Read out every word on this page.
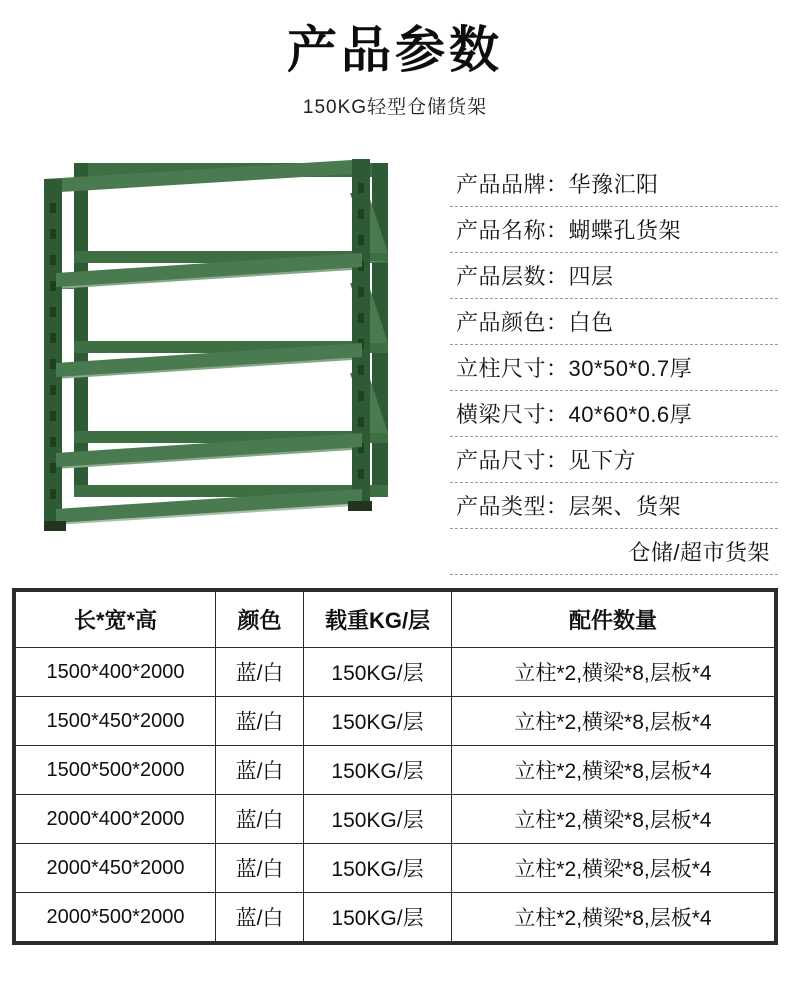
产品参数
150KG轻型仓储货架
产品品牌：华豫汇阳
产品名称：蝴蝶孔货架
产品层数：四层
产品颜色：白色
立柱尺寸：30*50*0.7厚
横梁尺寸：40*60*0.6厚
产品尺寸：见下方
产品类型：层架、货架
仓储/超市货架
长*宽*高	颜色	载重KG/层	配件数量
1500*400*2000	蓝/白	150KG/层	立柱*2,横梁*8,层板*4
1500*450*2000	蓝/白	150KG/层	立柱*2,横梁*8,层板*4
1500*500*2000	蓝/白	150KG/层	立柱*2,横梁*8,层板*4
2000*400*2000	蓝/白	150KG/层	立柱*2,横梁*8,层板*4
2000*450*2000	蓝/白	150KG/层	立柱*2,横梁*8,层板*4
2000*500*2000	蓝/白	150KG/层	立柱*2,横梁*8,层板*4
